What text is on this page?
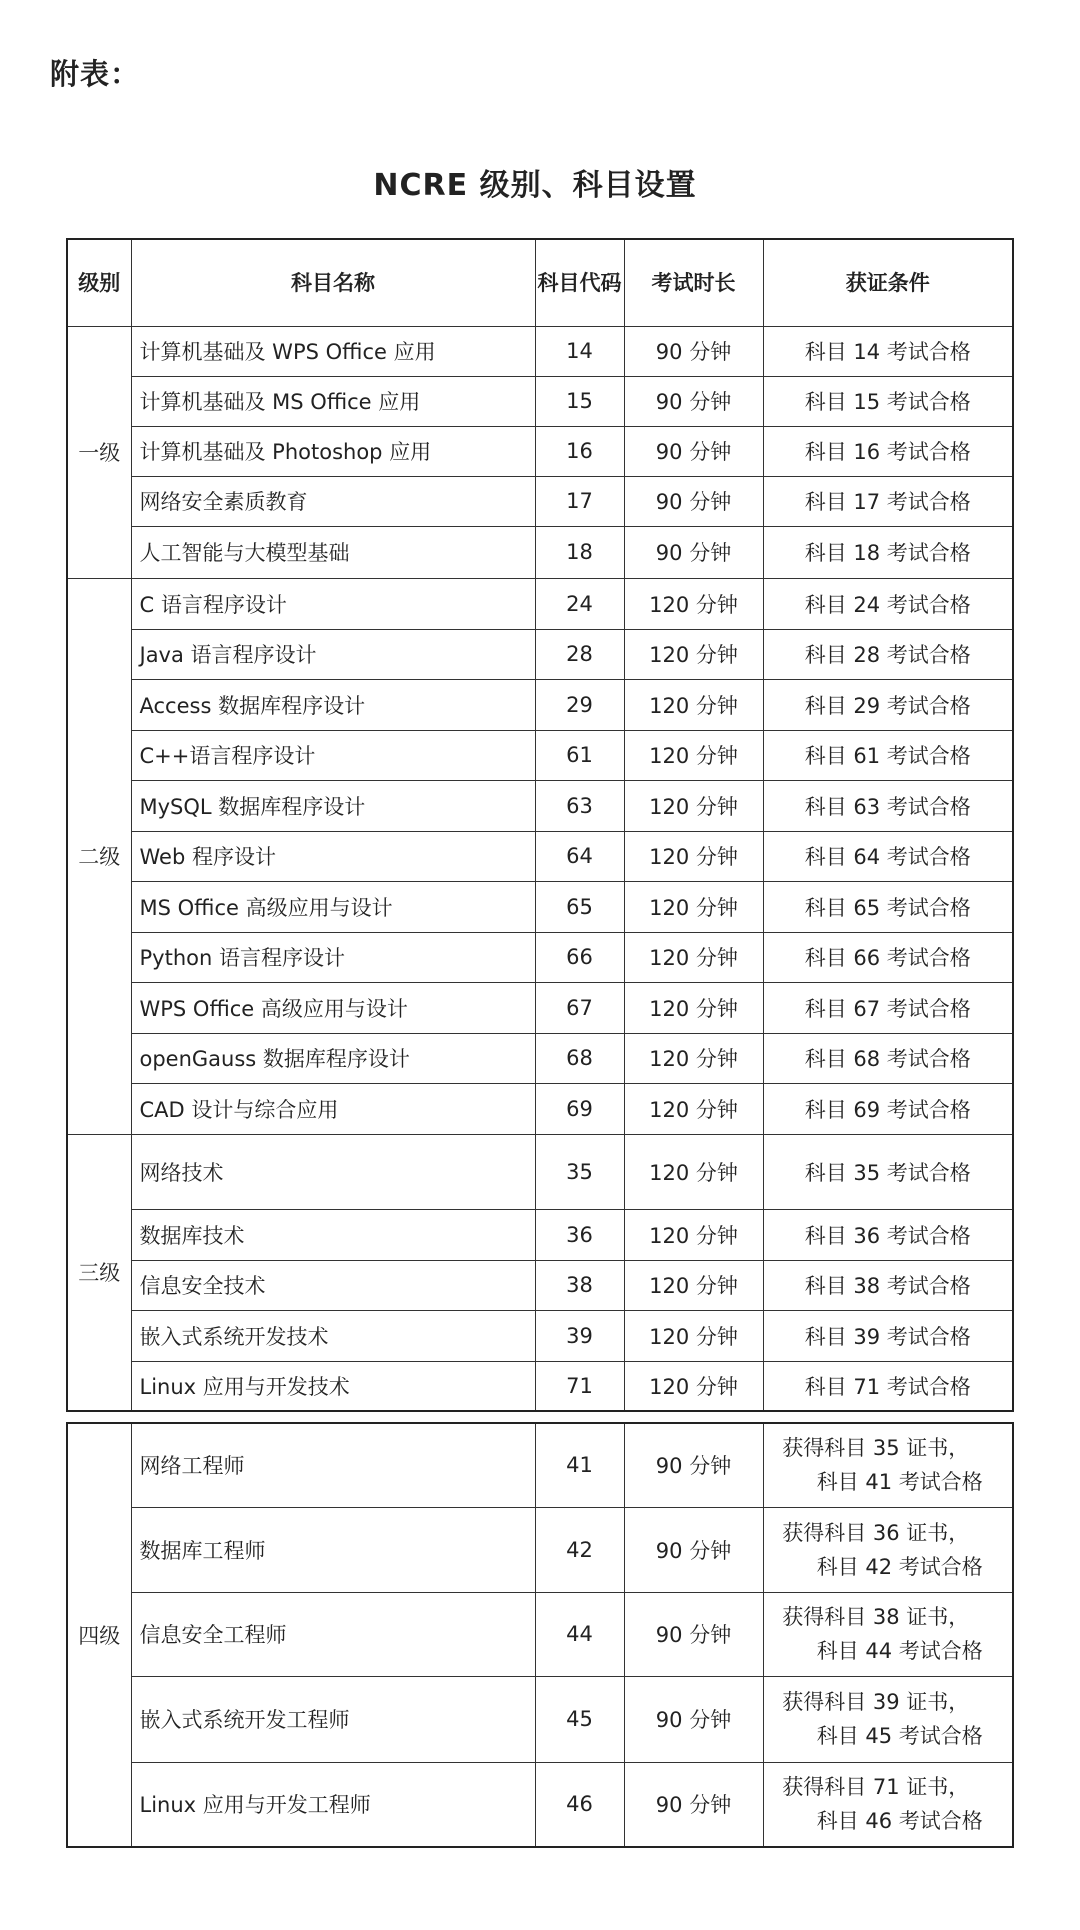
附表：
NCRE 级别、科目设置
级别	科目名称	科目代码	考试时长	获证条件
一级	计算机基础及 WPS Office 应用	14	90 分钟	科目 14 考试合格
	计算机基础及 MS Office 应用	15	90 分钟	科目 15 考试合格
	计算机基础及 Photoshop 应用	16	90 分钟	科目 16 考试合格
	网络安全素质教育	17	90 分钟	科目 17 考试合格
	人工智能与大模型基础	18	90 分钟	科目 18 考试合格
二级	C 语言程序设计	24	120 分钟	科目 24 考试合格
	Java 语言程序设计	28	120 分钟	科目 28 考试合格
	Access 数据库程序设计	29	120 分钟	科目 29 考试合格
	C++语言程序设计	61	120 分钟	科目 61 考试合格
	MySQL 数据库程序设计	63	120 分钟	科目 63 考试合格
	Web 程序设计	64	120 分钟	科目 64 考试合格
	MS Office 高级应用与设计	65	120 分钟	科目 65 考试合格
	Python 语言程序设计	66	120 分钟	科目 66 考试合格
	WPS Office 高级应用与设计	67	120 分钟	科目 67 考试合格
	openGauss 数据库程序设计	68	120 分钟	科目 68 考试合格
	CAD 设计与综合应用	69	120 分钟	科目 69 考试合格
三级	网络技术	35	120 分钟	科目 35 考试合格
	数据库技术	36	120 分钟	科目 36 考试合格
	信息安全技术	38	120 分钟	科目 38 考试合格
	嵌入式系统开发技术	39	120 分钟	科目 39 考试合格
	Linux 应用与开发技术	71	120 分钟	科目 71 考试合格
四级	网络工程师	41	90 分钟	获得科目 35 证书，
科目 41 考试合格

	数据库工程师	42	90 分钟	获得科目 36 证书，
科目 42 考试合格

	信息安全工程师	44	90 分钟	获得科目 38 证书，
科目 44 考试合格

	嵌入式系统开发工程师	45	90 分钟	获得科目 39 证书，
科目 45 考试合格

	Linux 应用与开发工程师	46	90 分钟	获得科目 71 证书，
科目 46 考试合格
